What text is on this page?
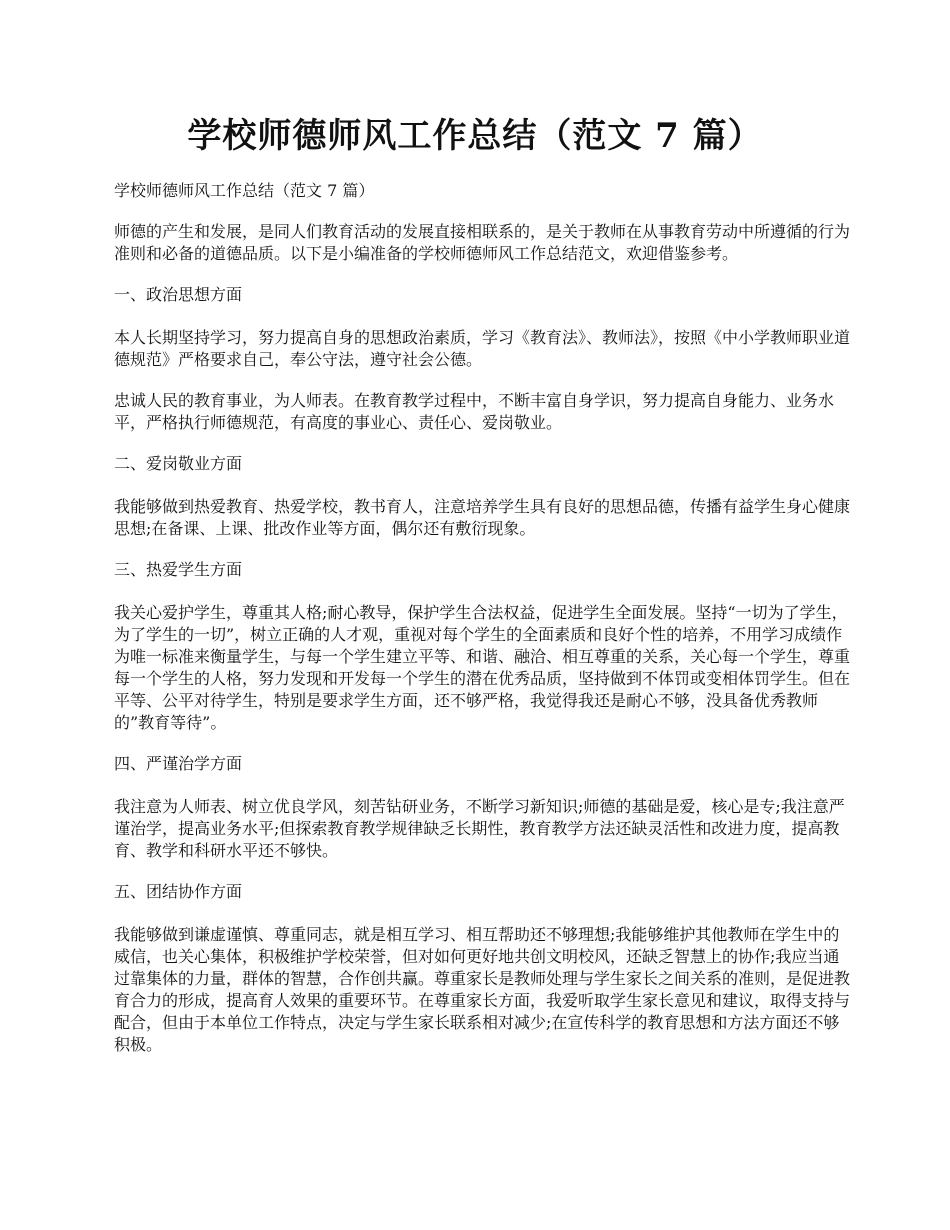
学校师德师风工作总结（范文 7 篇）

学校师德师风工作总结（范文 7 篇）

师德的产生和发展，是同人们教育活动的发展直接相联系的，是关于教师在从事教育劳动中所遵循的行为准则和必备的道德品质。以下是小编准备的学校师德师风工作总结范文，欢迎借鉴参考。

一、政治思想方面

本人长期坚持学习，努力提高自身的思想政治素质，学习《教育法》、教师法》，按照《中小学教师职业道德规范》严格要求自己，奉公守法，遵守社会公德。

忠诚人民的教育事业，为人师表。在教育教学过程中，不断丰富自身学识，努力提高自身能力、业务水平，严格执行师德规范，有高度的事业心、责任心、爱岗敬业。

二、爱岗敬业方面

我能够做到热爱教育、热爱学校，教书育人，注意培养学生具有良好的思想品德，传播有益学生身心健康思想;在备课、上课、批改作业等方面，偶尔还有敷衍现象。

三、热爱学生方面

我关心爱护学生，尊重其人格;耐心教导，保护学生合法权益，促进学生全面发展。坚持“一切为了学生，为了学生的一切”，树立正确的人才观，重视对每个学生的全面素质和良好个性的培养，不用学习成绩作为唯一标准来衡量学生，与每一个学生建立平等、和谐、融洽、相互尊重的关系，关心每一个学生，尊重每一个学生的人格，努力发现和开发每一个学生的潜在优秀品质，坚持做到不体罚或变相体罚学生。但在平等、公平对待学生，特别是要求学生方面，还不够严格，我觉得我还是耐心不够，没具备优秀教师的”教育等待”。

四、严谨治学方面

我注意为人师表、树立优良学风，刻苦钻研业务，不断学习新知识;师德的基础是爱，核心是专;我注意严谨治学，提高业务水平;但探索教育教学规律缺乏长期性，教育教学方法还缺灵活性和改进力度，提高教育、教学和科研水平还不够快。

五、团结协作方面

我能够做到谦虚谨慎、尊重同志，就是相互学习、相互帮助还不够理想;我能够维护其他教师在学生中的威信，也关心集体，积极维护学校荣誉，但对如何更好地共创文明校风，还缺乏智慧上的协作;我应当通过靠集体的力量，群体的智慧，合作创共赢。尊重家长是教师处理与学生家长之间关系的准则，是促进教育合力的形成，提高育人效果的重要环节。在尊重家长方面，我爱听取学生家长意见和建议，取得支持与配合，但由于本单位工作特点，决定与学生家长联系相对减少;在宣传科学的教育思想和方法方面还不够积极。
